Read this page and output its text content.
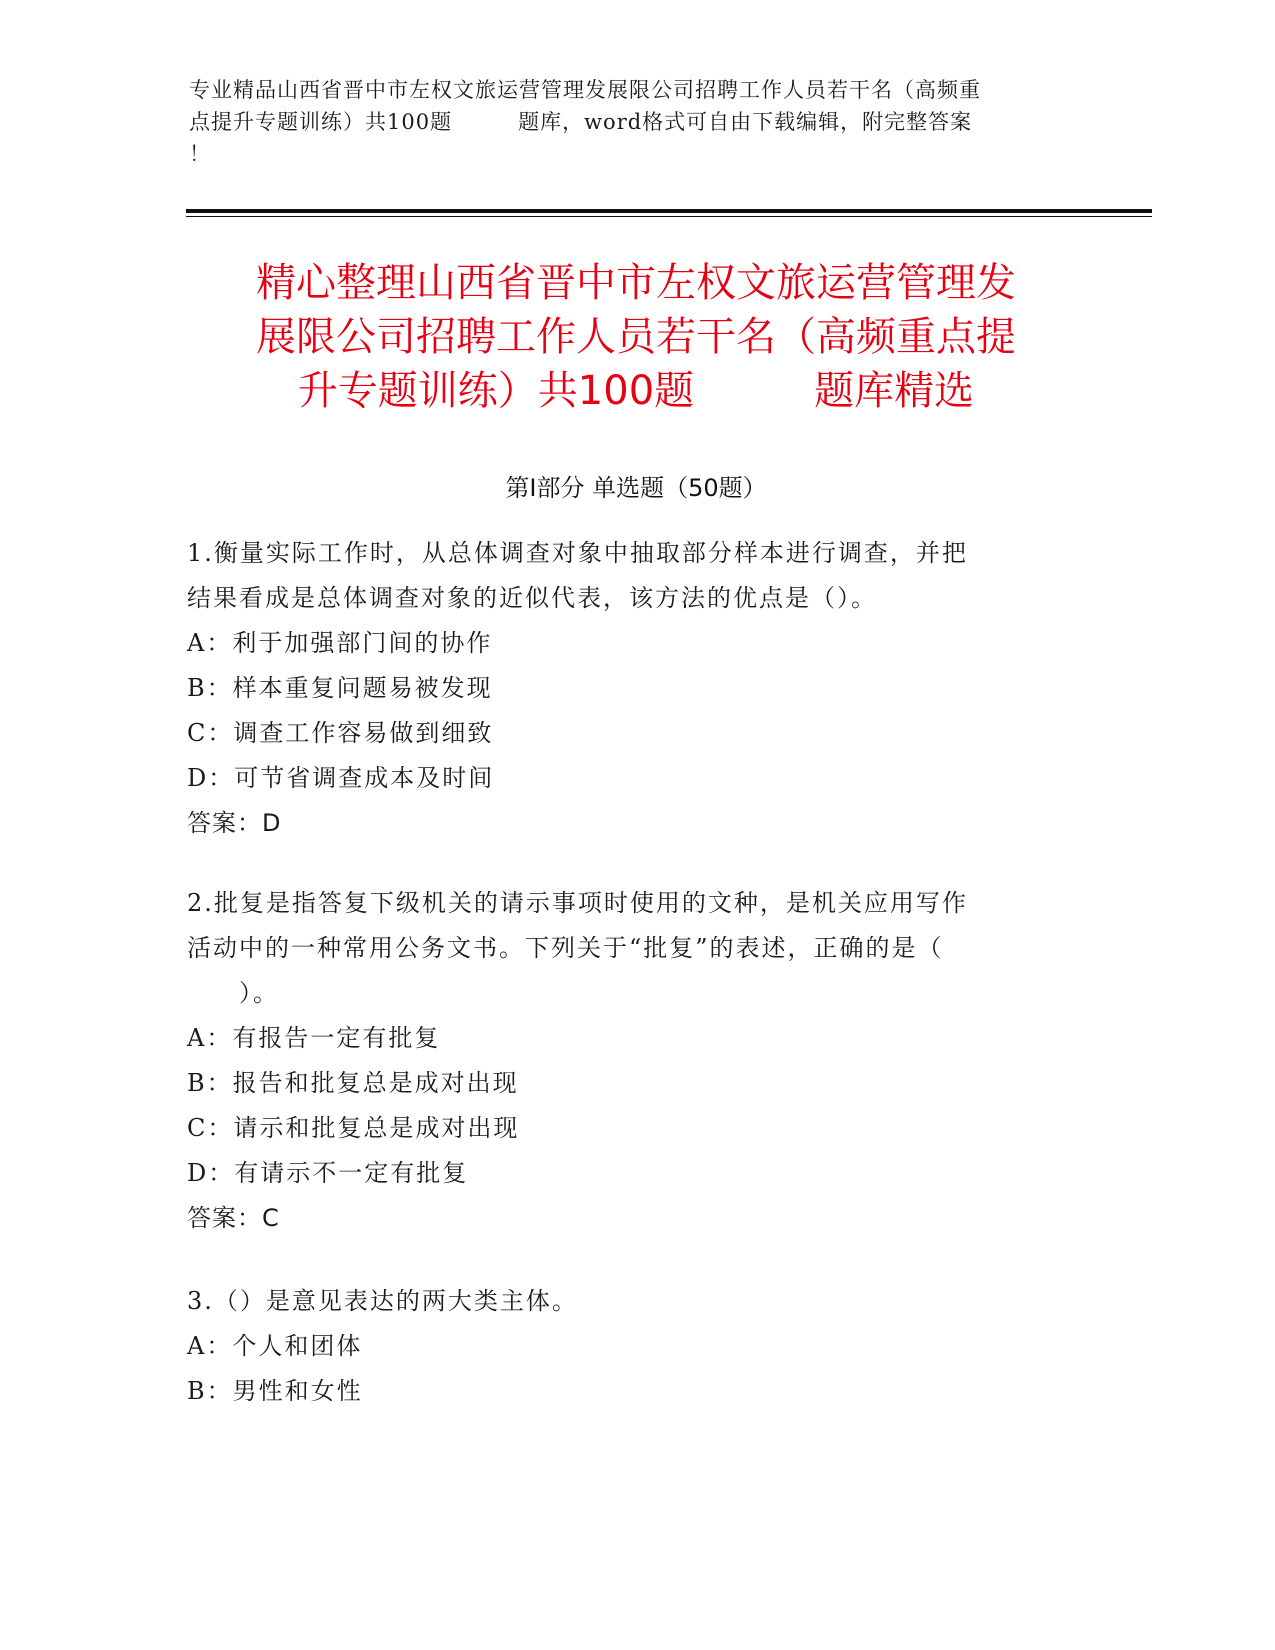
专业精品山西省晋中市左权文旅运营管理发展限公司招聘工作人员若干名（高频重
点提升专题训练）共100题　　　题库，word格式可自由下载编辑，附完整答案
！
精心整理山西省晋中市左权文旅运营管理发
展限公司招聘工作人员若干名（高频重点提
升专题训练）共100题　　　题库精选
第Ⅰ部分 单选题（50题）
1.衡量实际工作时，从总体调查对象中抽取部分样本进行调查，并把
结果看成是总体调查对象的近似代表，该方法的优点是（）。
A：利于加强部门间的协作
B：样本重复问题易被发现
C：调查工作容易做到细致
D：可节省调查成本及时间
答案：D
2.批复是指答复下级机关的请示事项时使用的文种，是机关应用写作
活动中的一种常用公务文书。下列关于“批复”的表述，正确的是（
　　）。
A：有报告一定有批复
B：报告和批复总是成对出现
C：请示和批复总是成对出现
D：有请示不一定有批复
答案：C
3.（）是意见表达的两大类主体。
A：个人和团体
B：男性和女性
